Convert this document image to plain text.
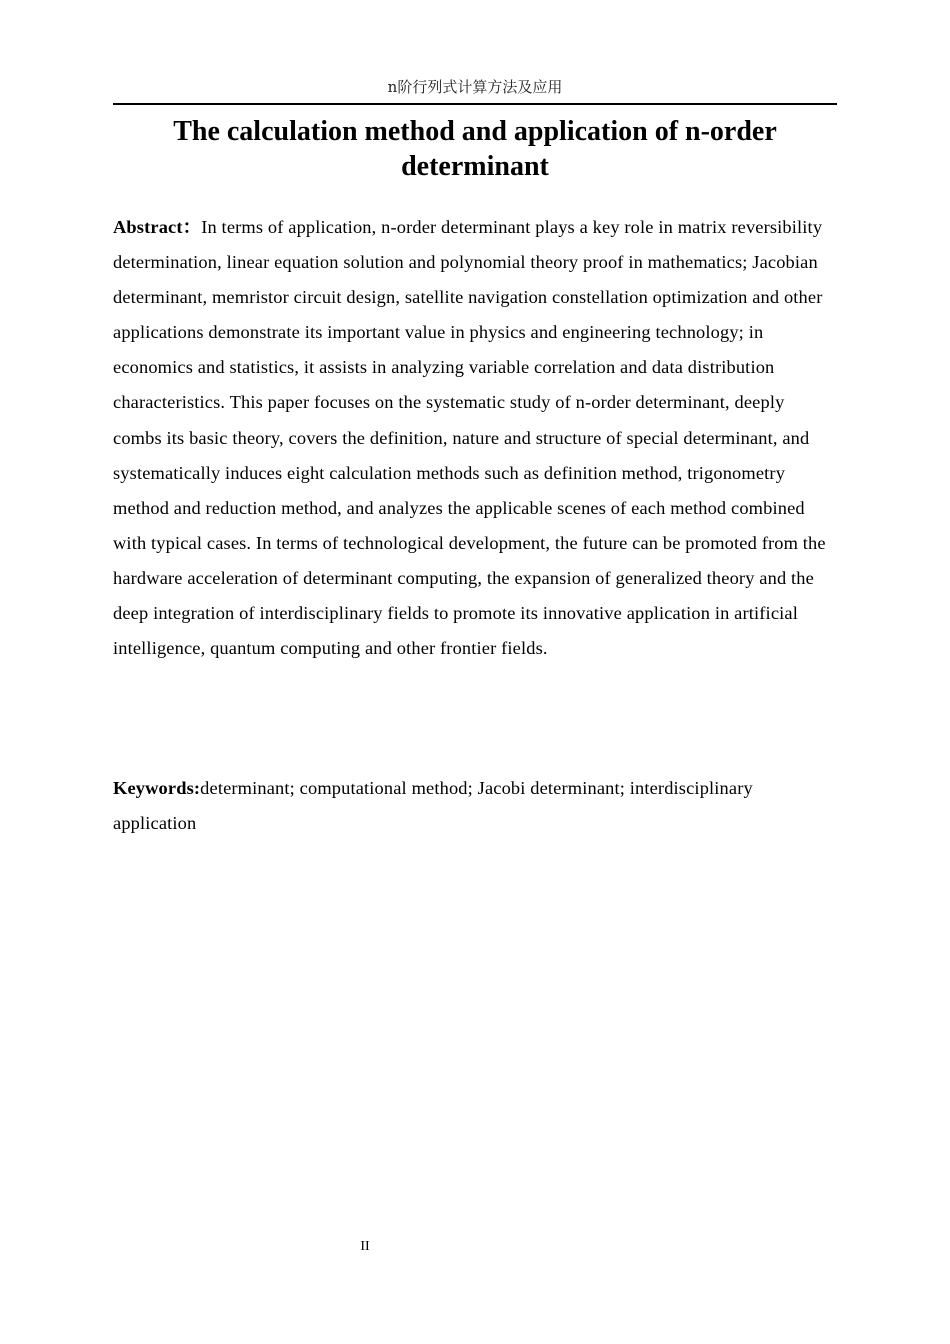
n阶行列式计算方法及应用
The calculation method and application of n-order determinant

Abstract：In terms of application, n-order determinant plays a key role in matrix reversibility determination, linear equation solution and polynomial theory proof in mathematics; Jacobian determinant, memristor circuit design, satellite navigation constellation optimization and other applications demonstrate its important value in physics and engineering technology; in economics and statistics, it assists in analyzing variable correlation and data distribution characteristics. This paper focuses on the systematic study of n-order determinant, deeply combs its basic theory, covers the definition, nature and structure of special determinant, and systematically induces eight calculation methods such as definition method, trigonometry method and reduction method, and analyzes the applicable scenes of each method combined with typical cases. In terms of technological development, the future can be promoted from the hardware acceleration of determinant computing, the expansion of generalized theory and the deep integration of interdisciplinary fields to promote its innovative application in artificial intelligence, quantum computing and other frontier fields.

Keywords:determinant; computational method; Jacobi determinant; interdisciplinary application

II
